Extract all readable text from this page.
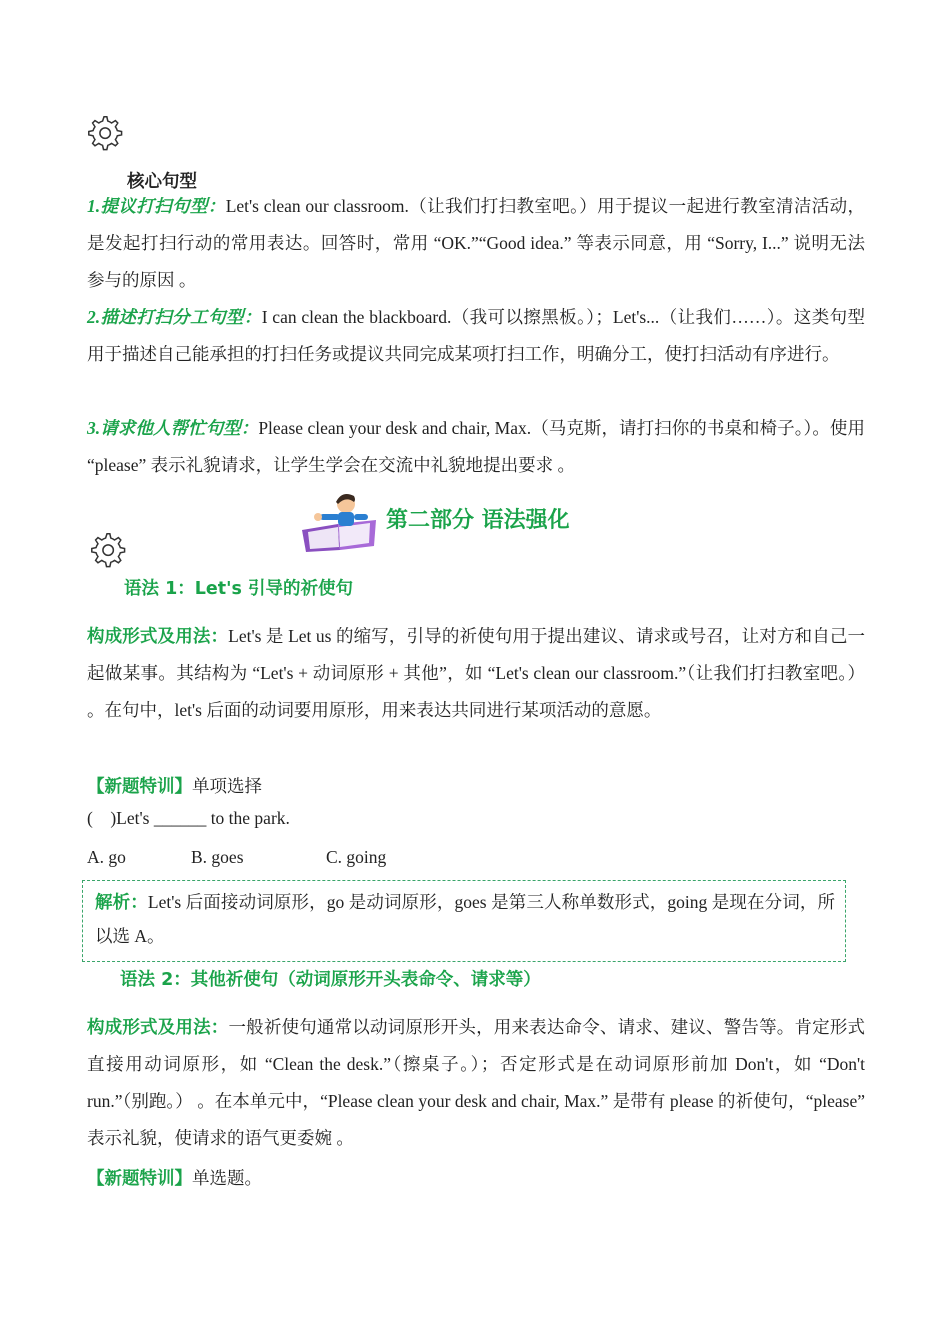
核心句型
1.提议打扫句型：Let's clean our classroom.（让我们打扫教室吧。）用于提议一起进行教室清洁活动，是发起打扫行动的常用表达。回答时，常用 “OK.”“Good idea.” 等表示同意，用 “Sorry, I...” 说明无法参与的原因 。
2.描述打扫分工句型：I can clean the blackboard.（我可以擦黑板。）；Let's...（让我们……）。这类句型用于描述自己能承担的打扫任务或提议共同完成某项打扫工作，明确分工，使打扫活动有序进行。
3.请求他人帮忙句型：Please clean your desk and chair, Max.（马克斯，请打扫你的书桌和椅子。）。使用 “please” 表示礼貌请求，让学生学会在交流中礼貌地提出要求 。
第二部分 语法强化
语法 1：Let's 引导的祈使句
构成形式及用法：Let's 是 Let us 的缩写，引导的祈使句用于提出建议、请求或号召，让对方和自己一起做某事。其结构为 “Let's + 动词原形 + 其他”，如 “Let's clean our classroom.”（让我们打扫教室吧。） 。在句中，let's 后面的动词要用原形，用来表达共同进行某项活动的意愿。
【新题特训】单项选择
(    )Let's ______ to the park.
A. go	B. goes	C. going
解析：Let's 后面接动词原形，go 是动词原形，goes 是第三人称单数形式，going 是现在分词，所以选 A。
语法 2：其他祈使句（动词原形开头表命令、请求等）
构成形式及用法：一般祈使句通常以动词原形开头，用来表达命令、请求、建议、警告等。肯定形式直接用动词原形，如 “Clean the desk.”（擦桌子。）；否定形式是在动词原形前加 Don't，如 “Don't run.”（别跑。） 。在本单元中，“Please clean your desk and chair, Max.” 是带有 please 的祈使句，“please” 表示礼貌，使请求的语气更委婉 。
【新题特训】单选题。
